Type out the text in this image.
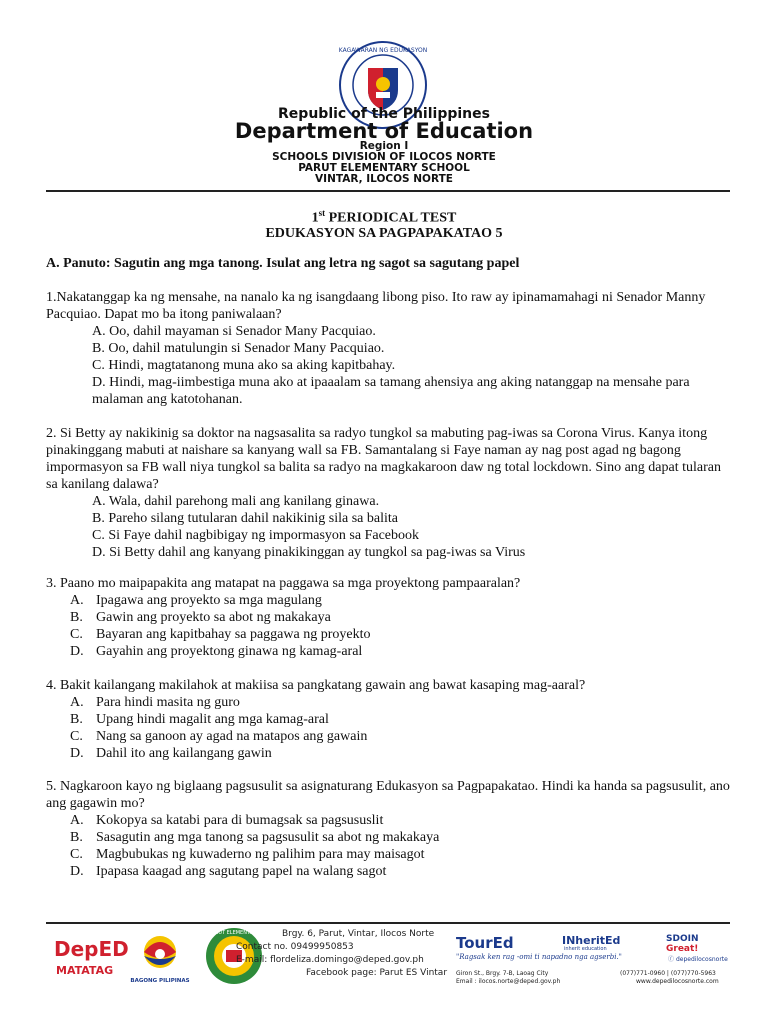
KAGAWARAN NG EDUKASYON
Republic of the Philippines
Department of Education
Region I
SCHOOLS DIVISION OF ILOCOS NORTE
PARUT ELEMENTARY SCHOOL
VINTAR, ILOCOS NORTE
1st PERIODICAL TEST
EDUKASYON SA PAGPAPAKATAO 5
A. Panuto: Sagutin ang mga tanong. Isulat ang letra ng sagot sa sagutang papel

1.Nakatanggap ka ng mensahe, na nanalo ka ng isangdaang libong piso. Ito raw ay ipinamamahagi ni Senador Manny Pacquiao. Dapat mo ba itong paniwalaan?

A. Oo, dahil mayaman si Senador Many Pacquiao.
B. Oo, dahil matulungin si Senador Many Pacquiao.
C. Hindi, magtatanong muna ako sa aking kapitbahay.
D. Hindi, mag-iimbestiga muna ako at ipaaalam sa tamang ahensiya ang aking natanggap na mensahe para malaman ang katotohanan.

2. Si Betty ay nakikinig sa doktor na nagsasalita sa radyo tungkol sa mabuting pag-iwas sa Corona Virus. Kanya itong pinakinggang mabuti at naishare sa kanyang wall sa FB. Samantalang si Faye naman ay nag post agad ng bagong impormasyon sa FB wall niya tungkol sa balita sa radyo na magkakaroon daw ng total lockdown. Sino ang dapat tularan sa kanilang dalawa?

A. Wala, dahil parehong mali ang kanilang ginawa.
B. Pareho silang tutularan dahil nakikinig sila sa balita
C. Si Faye dahil nagbibigay ng impormasyon sa Facebook
D. Si Betty dahil ang kanyang pinakikinggan ay tungkol sa pag-iwas sa Virus

3. Paano mo maipapakita ang matapat na paggawa sa mga proyektong pampaaralan?

A. Ipagawa ang proyekto sa mga magulang
B. Gawin ang proyekto sa abot ng makakaya
C. Bayaran ang kapitbahay sa paggawa ng proyekto
D. Gayahin ang proyektong ginawa ng kamag-aral

4. Bakit kailangang makilahok at makiisa sa pangkatang gawain ang bawat kasaping mag-aaral?

A. Para hindi masita ng guro
B. Upang hindi magalit ang mga kamag-aral
C. Nang sa ganoon ay agad na matapos ang gawain
D. Dahil ito ang kailangang gawin

5. Nagkaroon kayo ng biglaang pagsusulit sa asignaturang Edukasyon sa Pagpapakatao. Hindi ka handa sa pagsusulit, ano ang gagawin mo?

A. Kokopya sa katabi para di bumagsak sa pagsususlit
B. Sasagutin ang mga tanong sa pagsusulit sa abot ng makakaya
C. Magbubukas ng kuwaderno ng palihim para may maisagot
D. Ipapasa kaagad ang sagutang papel na walang sagot
DepED
MATATAG
BAGONG PILIPINAS
PARUT ELEMENTARY	Brgy. 6, Parut, Vintar, Ilocos Norte
Contact no. 09499950853
E-mail: flordeliza.domingo@deped.gov.ph
Facebook page: Parut ES Vintar
TourEd
"Ragsak ken rag -omi ti napadno nga agserbi."
Giron St., Brgy. 7-B, Laoag City
Email : ilocos.norte@deped.gov.ph
INheritEd
inherit education
SDOIN
Great!
ⓕ depedilocosnorte
(077)771-0960 | (077)770-5963
www.depedilocosnorte.com
